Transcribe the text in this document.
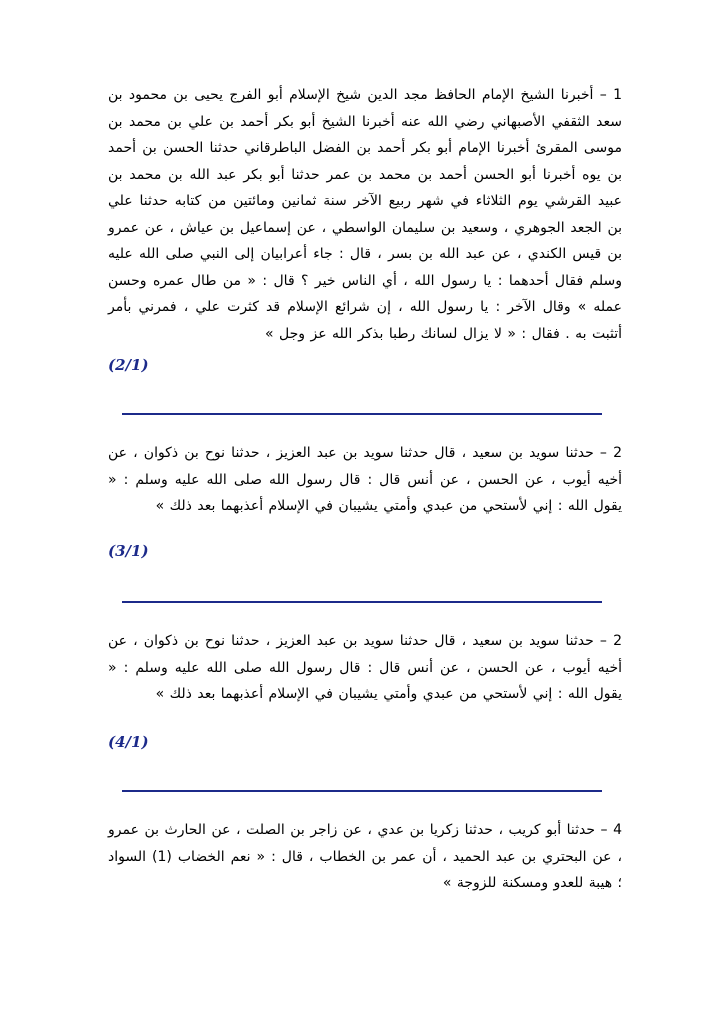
1 – أخبرنا الشيخ الإمام الحافظ مجد الدين شيخ الإسلام أبو الفرج يحيى بن محمود بن سعد الثقفي الأصبهاني رضي الله عنه أخبرنا الشيخ أبو بكر أحمد بن علي بن محمد بن موسى المقرئ أخبرنا الإمام أبو بكر أحمد بن الفضل الباطرقاني حدثنا الحسن بن أحمد بن يوه أخبرنا أبو الحسن أحمد بن محمد بن عمر حدثنا أبو بكر عبد الله بن محمد بن عبيد القرشي يوم الثلاثاء في شهر ربيع الآخر سنة ثمانين ومائتين من كتابه حدثنا علي بن الجعد الجوهري ، وسعيد بن سليمان الواسطي ، عن إسماعيل بن عياش ، عن عمرو بن قيس الكندي ، عن عبد الله بن بسر ، قال : جاء أعرابيان إلى النبي صلى الله عليه وسلم فقال أحدهما : يا رسول الله ، أي الناس خير ؟ قال : « من طال عمره وحسن عمله » وقال الآخر : يا رسول الله ، إن شرائع الإسلام قد كثرت علي ، فمرني بأمر أتثبت به . فقال : « لا يزال لسانك رطبا بذكر الله عز وجل »

(2/1)

2 – حدثنا سويد بن سعيد ، قال حدثنا سويد بن عبد العزيز ، حدثنا نوح بن ذكوان ، عن أخيه أيوب ، عن الحسن ، عن أنس قال : قال رسول الله صلى الله عليه وسلم : « يقول الله : إني لأستحي من عبدي وأمتي يشيبان في الإسلام أعذبهما بعد ذلك »

(3/1)

2 – حدثنا سويد بن سعيد ، قال حدثنا سويد بن عبد العزيز ، حدثنا نوح بن ذكوان ، عن أخيه أيوب ، عن الحسن ، عن أنس قال : قال رسول الله صلى الله عليه وسلم : « يقول الله : إني لأستحي من عبدي وأمتي يشيبان في الإسلام أعذبهما بعد ذلك »

(4/1)

4 – حدثنا أبو كريب ، حدثنا زكريا بن عدي ، عن زاجر بن الصلت ، عن الحارث بن عمرو ، عن البحتري بن عبد الحميد ، أن عمر بن الخطاب ، قال : « نعم الخضاب (1) السواد ؛ هيبة للعدو ومسكنة للزوجة »
